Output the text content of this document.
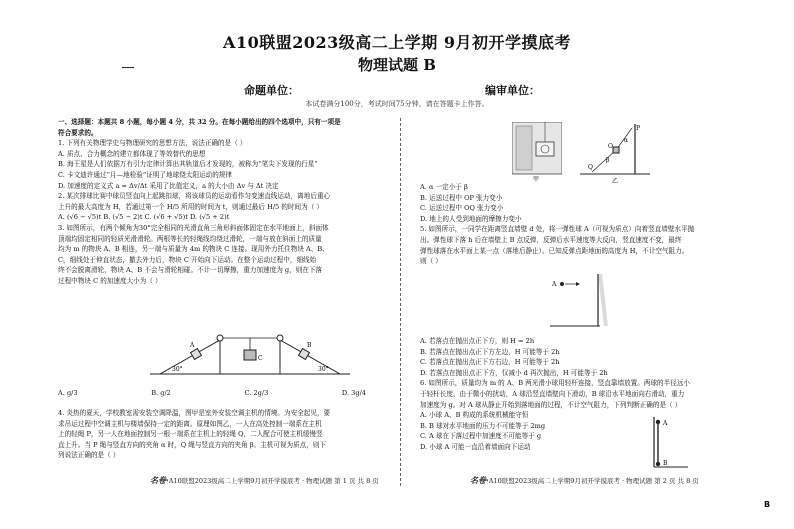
A10联盟2023级高二上学期 9月初开学摸底考
物理试题 B
命题单位：	编审单位：
本试卷满分100分，考试时间75分钟。请在答题卡上作答。

一、选择题：本题共 8 小题，每小题 4 分，共 32 分。在每小题给出的四个选项中，只有一项是

符合要求的。

1. 下列有关物理学史与物理研究的思想方法，说法正确的是（ ）

A. 质点、合力概念的建立都体现了等效替代的思想

B. 海王星是人们依据万有引力定律计算出其轨道后才发现的，被称为“笔尖下发现的行星”

C. 卡文迪许通过“月—地检验”证明了地球绕太阳运动的规律

D. 加速度的定义式 a = Δv/Δt 采用了比值定义，a 的大小由 Δv 与 Δt 决定

2. 某次排球比赛中球员竖直向上起跳扣球，将该球员的运动看作匀变速直线运动，离地后重心

上升的最大高度为 H，若通过第一个 H/5 所用的时间为 t，则通过最后 H/5 的时间为（ ）

A. (√6 − √5)t B. (√5 − 2)t C. (√6 + √5)t D. (√5 + 2)t

3. 如图所示，有两个倾角为30°完全相同的光滑直角三角形斜面体固定在水平地面上，斜面体

顶端均固定相同的轻质光滑滑轮。两根等长的轻绳线均绕过滑轮，一端与放在斜面上的质量

均为 m 的物块 A、B 相连，另一端与质量为 4m 的物块 C 连接。现用外力托住物块 A、B、

C，细线处于伸直状态，撤去外力后，物块 C 开始向下运动。在整个运动过程中，细线始

终不会脱离滑轮，物块 A、B 不会与滑轮相碰。不计一切摩擦，重力加速度为 g，则在下落

过程中物块 C 的加速度大小为（ ）

A	B
C
30°	30°

A. g/3	B. g/2	C. 2g/3	D. 3g/4

4. 炎热的夏天，学校教室需安装空调降温，图甲是室外安装空调主机的情境。为安全起见，要

求吊运过程中空调主机与楼墙保持一定的距离。原理如图乙，一人在高处控制一端系在主机

上的轻绳 P，另一人在地面控制另一根一端系在主机上的轻绳 Q，二人配合可使主机缓慢竖

直上升。当 P 绳与竖直方向的夹角 α 时，Q 绳与竖直方向的夹角 β。主机可视为质点，则下

列说法正确的是（ ）

甲
P
O
Q
α
β
乙

A. α 一定小于 β

B. 运送过程中 OP 张力变小

C. 运送过程中 OQ 张力变小

D. 地上的人受到地面的摩擦力变小

5. 如图所示，一同学在距离竖直墙壁 d 处，将一弹性球 A（可视为质点）向着竖直墙壁水平抛

出。弹性球下落 h 后在墙壁上 B 点反弹，反弹后水平速度等大反向，竖直速度不变，最终

弹性球落在水平面上某一点（落地后静止）。已知反弹点距地面的高度为 H，不计空气阻力。

则（ ）

A

A. 若落点在抛出点正下方，则 H = 2h

B. 若落点在抛出点正下方左边，H 可能等于 2h

C. 若落点在抛出点正下方右边，H 可能等于 2h

D. 若落点在抛出点正下方，仅减小 d 再次抛出，H 可能等于 2h

6. 如图所示，质量均为 m 的 A、B 两光滑小球用轻杆连接，竖直靠墙放置。两球的半径远小

于轻杆长度，由于微小的扰动，A 球沿竖直墙壁向下滑动，B 球沿水平地面向右滑动，重力

加速度为 g。对 A 球从静止开始到落地面的过程，不计空气阻力，下列判断正确的是（ ）

A. 小球 A、B 构成的系统机械能守恒

B. B 球对水平地面的压力不可能等于 2mg

C. A 球在下落过程中加速度不可能等于 g

D. 小球 A 可能一直沿着墙面向下运动

A
B
名卷·A10联盟2023级高二上学期9月初开学摸底考 · 物理试题 第 1 页 共 8 页	名卷·A10联盟2023级高二上学期9月初开学摸底考 · 物理试题 第 2 页 共 8 页
B
